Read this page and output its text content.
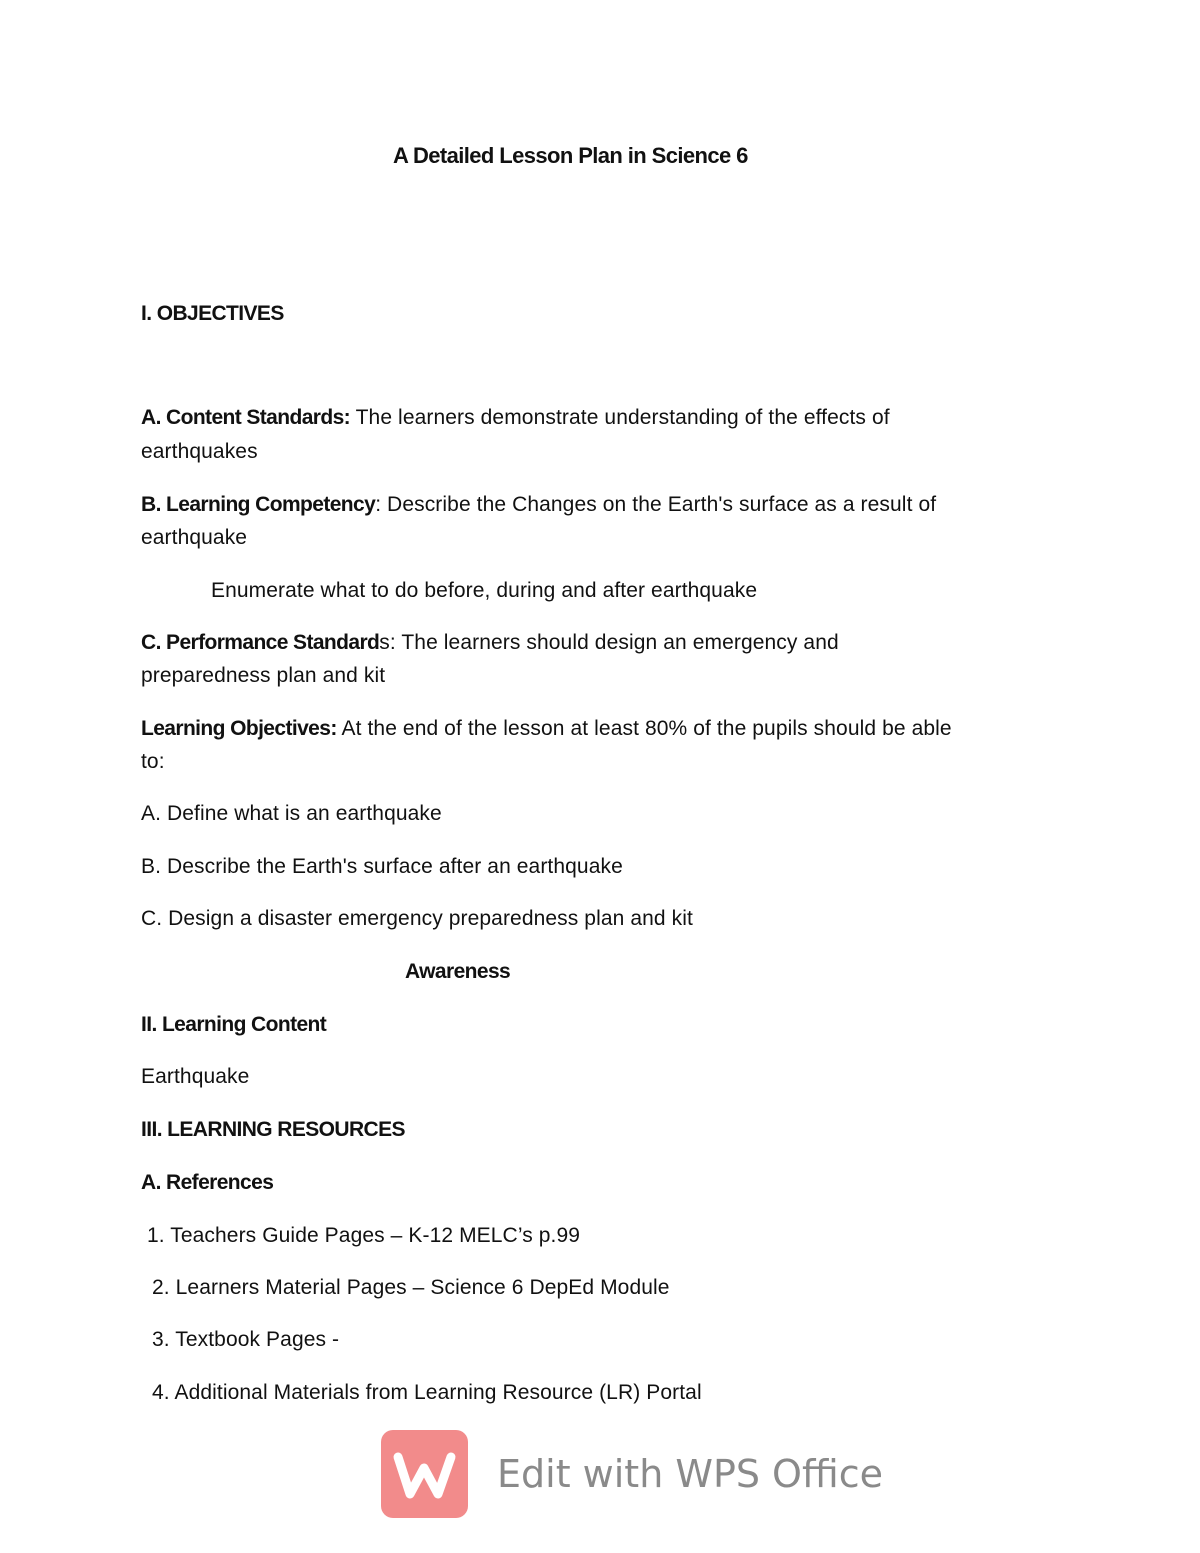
A Detailed Lesson Plan in Science 6
I. OBJECTIVES
A. Content Standards: The learners demonstrate understanding of the effects of
earthquakes
B. Learning Competency: Describe the Changes on the Earth's surface as a result of
earthquake
Enumerate what to do before, during and after earthquake
C. Performance Standards: The learners should design an emergency and
preparedness plan and kit
Learning Objectives: At the end of the lesson at least 80% of the pupils should be able
to:
A. Define what is an earthquake
B. Describe the Earth's surface after an earthquake
C. Design a disaster emergency preparedness plan and kit
Awareness
II. Learning Content
Earthquake
III. LEARNING RESOURCES
A. References
1. Teachers Guide Pages – K-12 MELC’s p.99
2. Learners Material Pages – Science 6 DepEd Module
3. Textbook Pages -
4. Additional Materials from Learning Resource (LR) Portal
Edit with WPS Office
